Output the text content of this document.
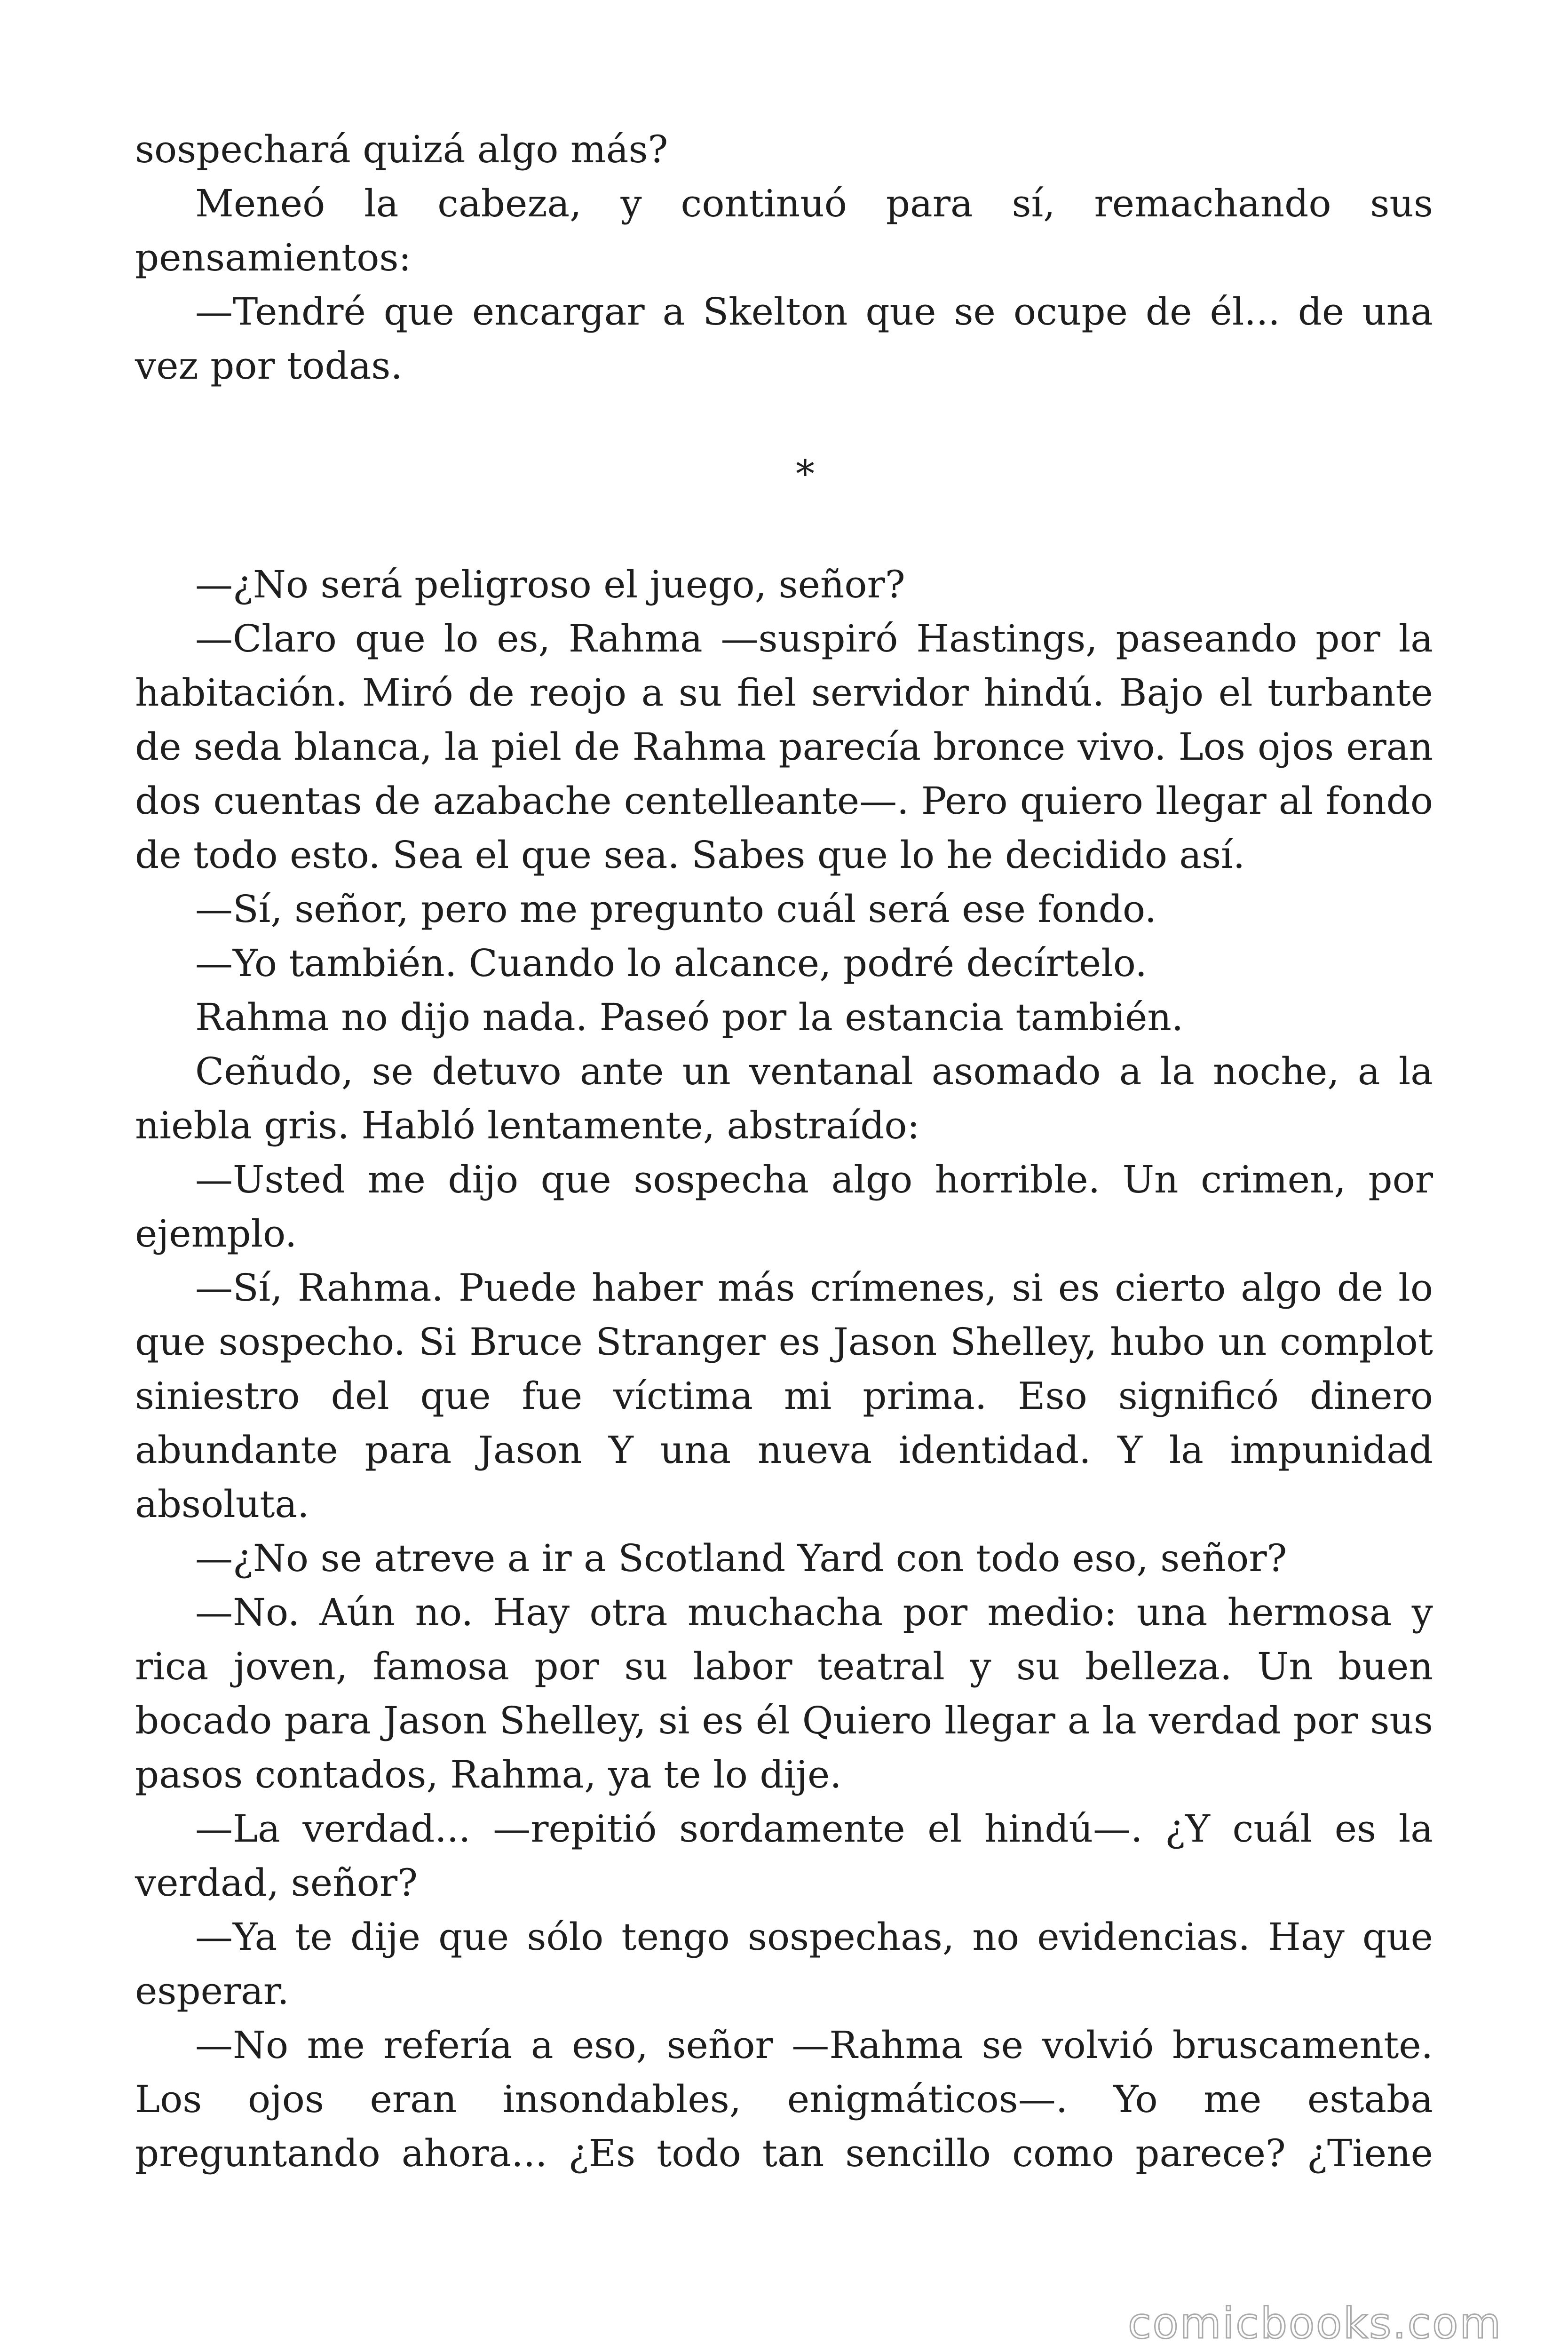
sospechará quizá algo más?

Meneó la cabeza, y continuó para sí, remachando sus pensamientos:

—Tendré que encargar a Skelton que se ocupe de él... de una vez por todas.

*

—¿No será peligroso el juego, señor?

—Claro que lo es, Rahma —suspiró Hastings, paseando por la habitación. Miró de reojo a su fiel servidor hindú. Bajo el turbante de seda blanca, la piel de Rahma parecía bronce vivo. Los ojos eran dos cuentas de azabache centelleante—. Pero quiero llegar al fondo de todo esto. Sea el que sea. Sabes que lo he decidido así.

—Sí, señor, pero me pregunto cuál será ese fondo.

—Yo también. Cuando lo alcance, podré decírtelo.

Rahma no dijo nada. Paseó por la estancia también.

Ceñudo, se detuvo ante un ventanal asomado a la noche, a la niebla gris. Habló lentamente, abstraído:

—Usted me dijo que sospecha algo horrible. Un crimen, por ejemplo.

—Sí, Rahma. Puede haber más crímenes, si es cierto algo de lo que sospecho. Si Bruce Stranger es Jason Shelley, hubo un complot siniestro del que fue víctima mi prima. Eso significó dinero abundante para Jason Y una nueva identidad. Y la impunidad absoluta.

—¿No se atreve a ir a Scotland Yard con todo eso, señor?

—No. Aún no. Hay otra muchacha por medio: una hermosa y rica joven, famosa por su labor teatral y su belleza. Un buen bocado para Jason Shelley, si es él Quiero llegar a la verdad por sus pasos contados, Rahma, ya te lo dije.

—La verdad... —repitió sordamente el hindú—. ¿Y cuál es la verdad, señor?

—Ya te dije que sólo tengo sospechas, no evidencias. Hay que esperar.

—No me refería a eso, señor —Rahma se volvió bruscamente. Los ojos eran insondables, enigmáticos—. Yo me estaba preguntando ahora... ¿Es todo tan sencillo como parece? ¿Tiene

comicbooks.com
